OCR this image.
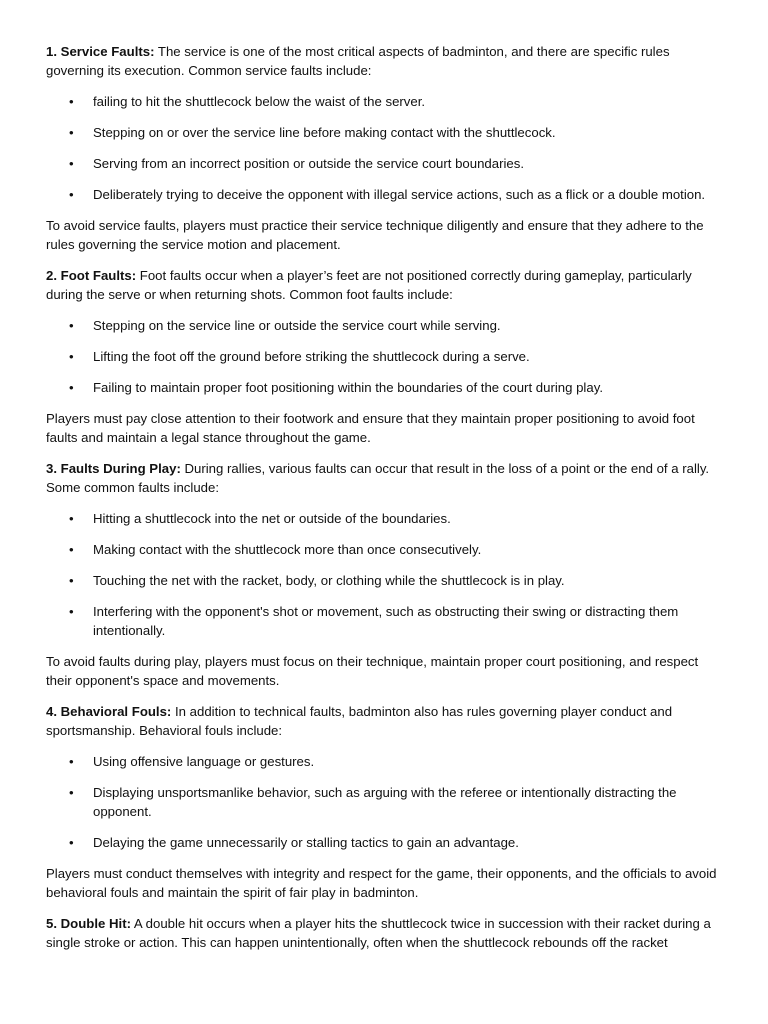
1. Service Faults: The service is one of the most critical aspects of badminton, and there are specific rules governing its execution. Common service faults include:

• failing to hit the shuttlecock below the waist of the server.
• Stepping on or over the service line before making contact with the shuttlecock.
• Serving from an incorrect position or outside the service court boundaries.
• Deliberately trying to deceive the opponent with illegal service actions, such as a flick or a double motion.

To avoid service faults, players must practice their service technique diligently and ensure that they adhere to the rules governing the service motion and placement.

2. Foot Faults: Foot faults occur when a player’s feet are not positioned correctly during gameplay, particularly during the serve or when returning shots. Common foot faults include:

• Stepping on the service line or outside the service court while serving.
• Lifting the foot off the ground before striking the shuttlecock during a serve.
• Failing to maintain proper foot positioning within the boundaries of the court during play.

Players must pay close attention to their footwork and ensure that they maintain proper positioning to avoid foot faults and maintain a legal stance throughout the game.

3. Faults During Play: During rallies, various faults can occur that result in the loss of a point or the end of a rally. Some common faults include:

• Hitting a shuttlecock into the net or outside of the boundaries.
• Making contact with the shuttlecock more than once consecutively.
• Touching the net with the racket, body, or clothing while the shuttlecock is in play.
• Interfering with the opponent's shot or movement, such as obstructing their swing or distracting them intentionally.

To avoid faults during play, players must focus on their technique, maintain proper court positioning, and respect their opponent's space and movements.

4. Behavioral Fouls: In addition to technical faults, badminton also has rules governing player conduct and sportsmanship. Behavioral fouls include:

• Using offensive language or gestures.
• Displaying unsportsmanlike behavior, such as arguing with the referee or intentionally distracting the opponent.
• Delaying the game unnecessarily or stalling tactics to gain an advantage.

Players must conduct themselves with integrity and respect for the game, their opponents, and the officials to avoid behavioral fouls and maintain the spirit of fair play in badminton.

5. Double Hit: A double hit occurs when a player hits the shuttlecock twice in succession with their racket during a single stroke or action. This can happen unintentionally, often when the shuttlecock rebounds off the racket
